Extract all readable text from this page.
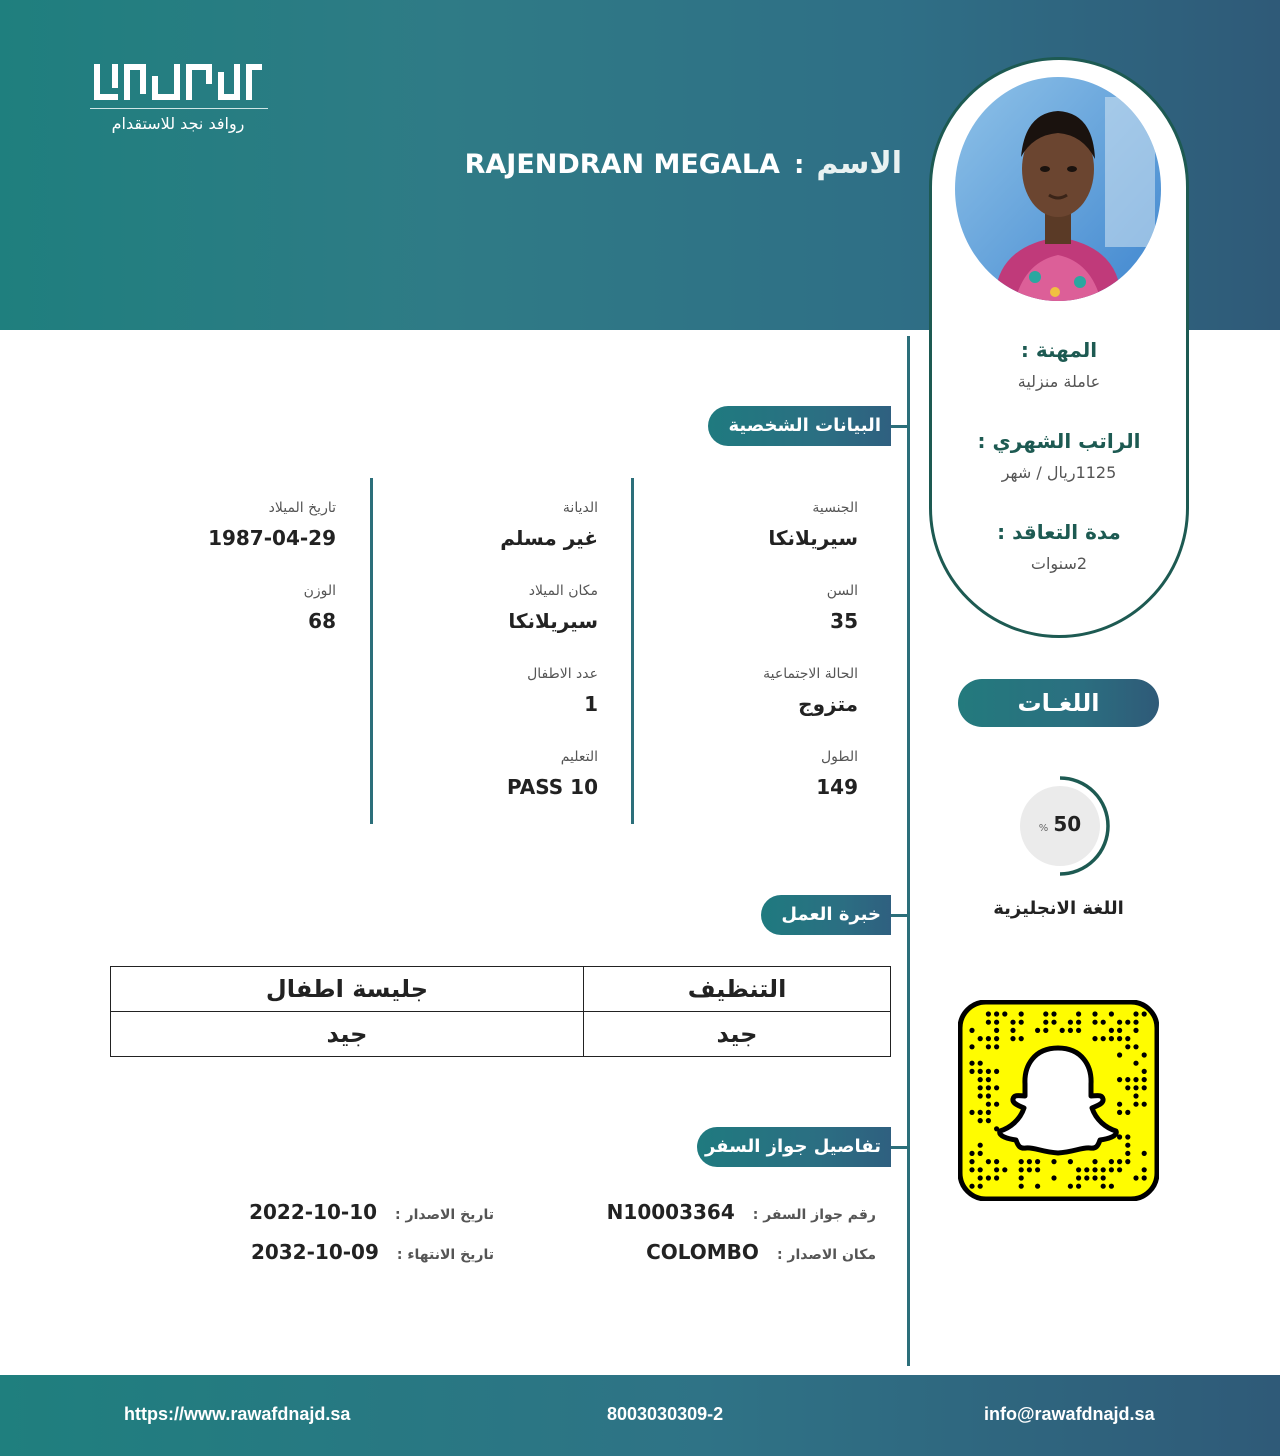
روافد نجد للاستقدام
الاسم:RAJENDRAN MEGALA
المهنة :
عاملة منزلية
الراتب الشهري :
1125ريال / شهر
مدة التعاقد :
2سنوات
اللغـات
% 50
اللغة الانجليزية
البيانات الشخصية
الجنسية
سيريلانكا
الديانة
غير مسلم
تاريخ الميلاد
1987-04-29
السن
35
مكان الميلاد
سيريلانكا
الوزن
68
الحالة الاجتماعية
متزوج
عدد الاطفال
1
الطول
149
التعليم
PASS 10
خبرة العمل
التنظيف	جليسة اطفال
جيد	جيد
تفاصيل جواز السفر
رقم جواز السفر :N10003364
تاريخ الاصدار :2022-10-10
مكان الاصدار :COLOMBO
تاريخ الانتهاء :2032-10-09
https://www.rawafdnajd.sa	8003030309-2	info@rawafdnajd.sa
